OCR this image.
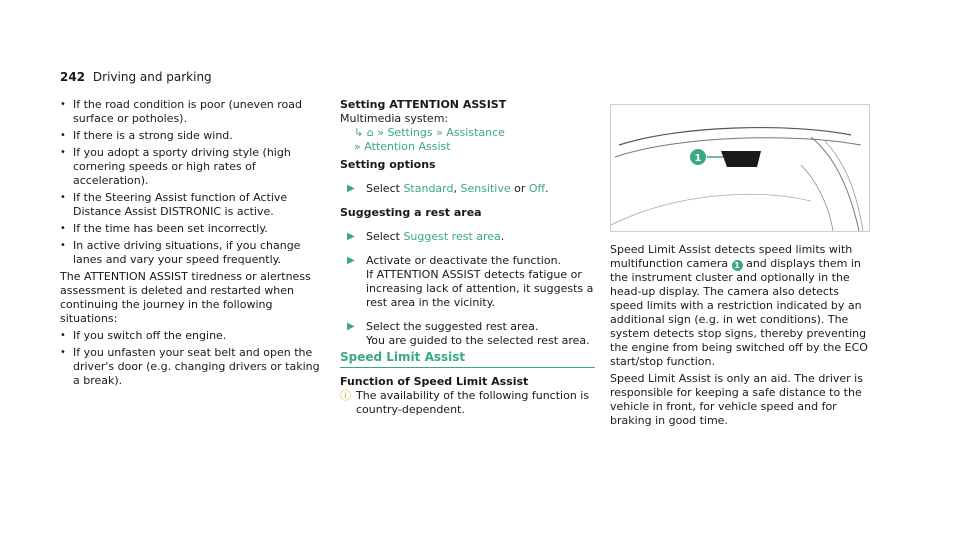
242 Driving and parking
• If the road condition is poor (uneven road surface or potholes).
• If there is a strong side wind.
• If you adopt a sporty driving style (high cornering speeds or high rates of acceleration).
• If the Steering Assist function of Active Distance Assist DISTRONIC is active.
• If the time has been set incorrectly.
• In active driving situations, if you change lanes and vary your speed frequently.

The ATTENTION ASSIST tiredness or alertness assessment is deleted and restarted when continuing the journey in the following situations:

• If you switch off the engine.
• If you unfasten your seat belt and open the driver's door (e.g. changing drivers or taking a break).
Setting ATTENTION ASSIST
Multimedia system:
↳ ⌂ » Settings » Assistance
» Attention Assist
Setting options
▶ Select Standard, Sensitive or Off.
Suggesting a rest area
▶ Select Suggest rest area.
▶ Activate or deactivate the function.
If ATTENTION ASSIST detects fatigue or increasing lack of attention, it suggests a rest area in the vicinity.
▶ Select the suggested rest area.
You are guided to the selected rest area.
Speed Limit Assist
Function of Speed Limit Assist
ⓘ The availability of the following function is country-dependent.
1

Speed Limit Assist detects speed limits with multifunction camera 1 and displays them in the instrument cluster and optionally in the head-up display. The camera also detects speed limits with a restriction indicated by an additional sign (e.g. in wet conditions). The system detects stop signs, thereby preventing the engine from being switched off by the ECO start/stop function.

Speed Limit Assist is only an aid. The driver is responsible for keeping a safe distance to the vehicle in front, for vehicle speed and for braking in good time.
